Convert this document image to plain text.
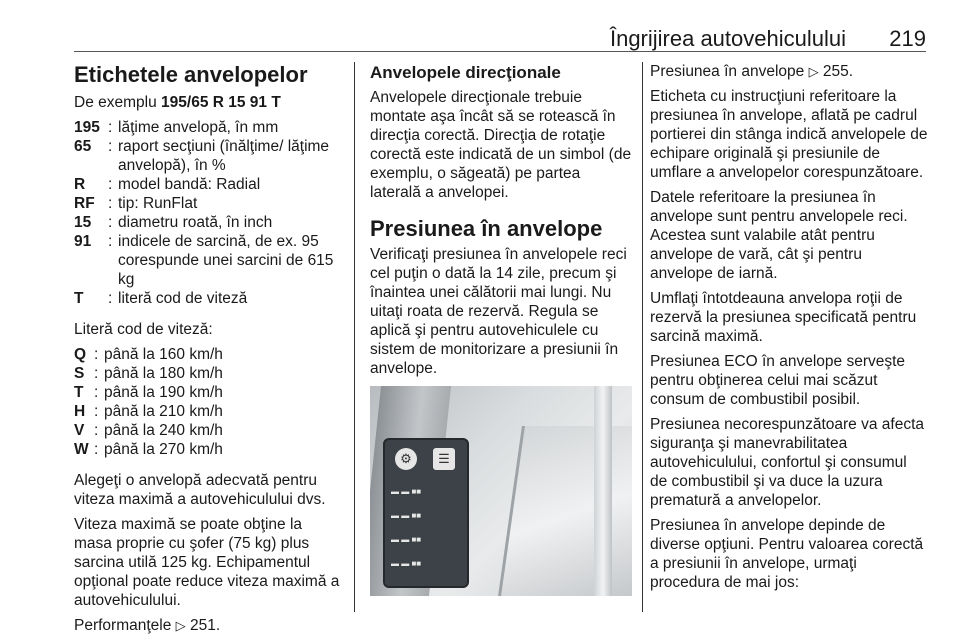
Îngrijirea autovehiculului 219
Etichetele anvelopelor
De exemplu 195/65 R 15 91 T
195 : lăţime anvelopă, în mm
65	: raport secţiuni (înălţime/ lăţime anvelopă), în %
R	: model bandă: Radial
RF : tip: RunFlat
15	: diametru roată, în inch
91	: indicele de sarcină, de ex. 95 corespunde unei sarcini de 615 kg
T	: literă cod de viteză

Literă cod de viteză:

Q : până la 160 km/h
S : până la 180 km/h
T : până la 190 km/h
H : până la 210 km/h
V : până la 240 km/h
W : până la 270 km/h

Alegeţi o anvelopă adecvată pentru viteza maximă a autovehiculului dvs.

Viteza maximă se poate obţine la masa proprie cu şofer (75 kg) plus sarcina utilă 125 kg. Echipamentul opţional poate reduce viteza maximă a autovehiculului.

Performanţele ▷ 251.

Anvelopele direcţionale

Anvelopele direcţionale trebuie montate aşa încât să se rotească în direcţia corectă. Direcţia de rotaţie corectă este indicată de un simbol (de exemplu, o săgeată) pe partea laterală a anvelopei.

Presiunea în anvelope

Verificaţi presiunea în anvelopele reci cel puţin o dată la 14 zile, precum şi înaintea unei călătorii mai lungi. Nu uitaţi roata de rezervă. Regula se aplică şi pentru autovehiculele cu sistem de monitorizare a presiunii în anvelope.

⚙	☰
▬ ▬ ■■
▬ ▬ ■■
▬ ▬ ■■
▬ ▬ ■■

Presiunea în anvelope ▷ 255.

Eticheta cu instrucţiuni referitoare la presiunea în anvelope, aflată pe cadrul portierei din stânga indică anvelopele de echipare originală şi presiunile de umflare a anvelopelor corespunzătoare.

Datele referitoare la presiunea în anvelope sunt pentru anvelopele reci. Acestea sunt valabile atât pentru anvelope de vară, cât şi pentru anvelope de iarnă.

Umflaţi întotdeauna anvelopa roţii de rezervă la presiunea specificată pentru sarcină maximă.

Presiunea ECO în anvelope serveşte pentru obţinerea celui mai scăzut consum de combustibil posibil.

Presiunea necorespunzătoare va afecta siguranţa şi manevrabilitatea autovehiculului, confortul şi consumul de combustibil şi va duce la uzura prematură a anvelopelor.

Presiunea în anvelope depinde de diverse opţiuni. Pentru valoarea corectă a presiunii în anvelope, urmaţi procedura de mai jos:
